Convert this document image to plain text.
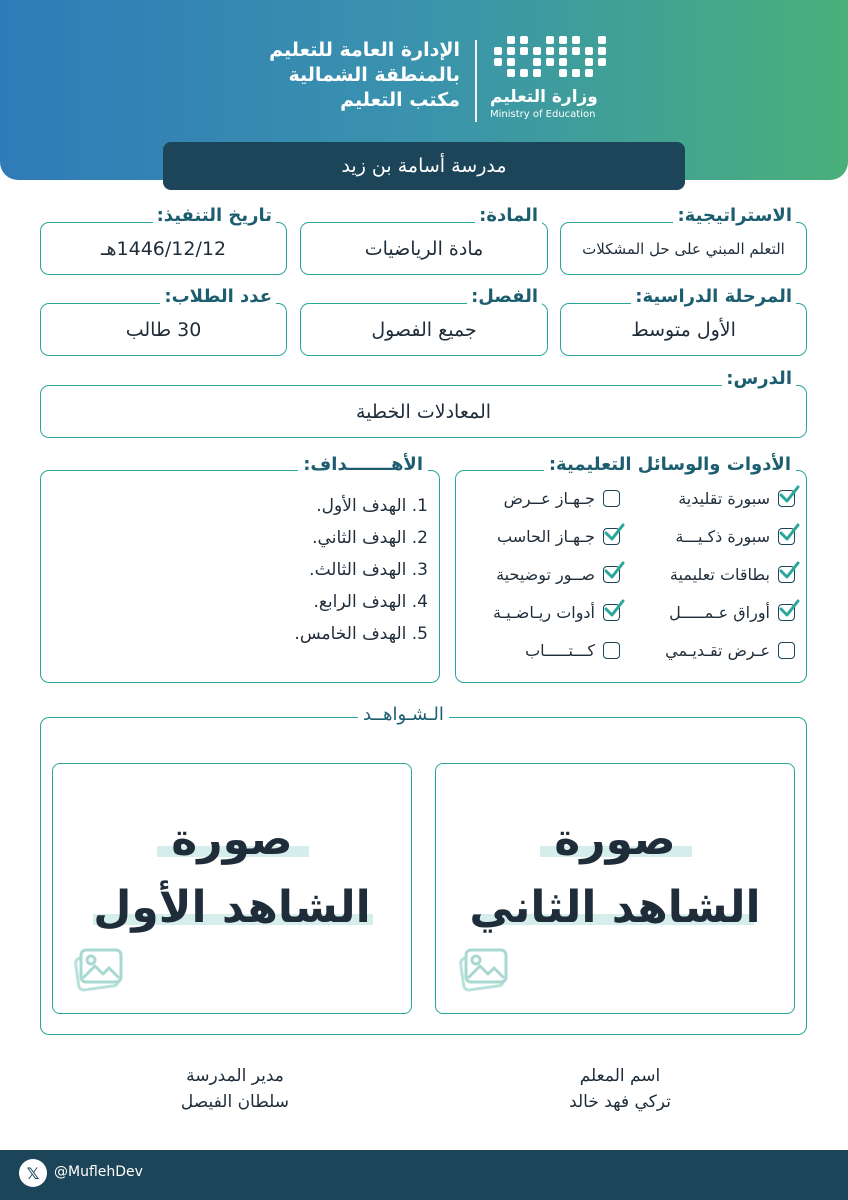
الإدارة العامة للتعليم
بالمنطقة الشمالية
مكتب التعليم وزارة التعليم
Ministry of Education
مدرسة أسامة بن زيد
التعلم المبني على حل المشكلات
الاستراتيجية:
مادة الرياضيات
المادة:
1446/12/12هـ
تاريخ التنفيذ:
الأول متوسط
المرحلة الدراسية:
جميع الفصول
الفصل:
30 طالب
عدد الطلاب:
المعادلات الخطية
الدرس:
الأدوات والوسائل التعليمية:
سبورة تقليدية
جـهـاز عــرض
سبورة ذكـيـــة
جـهـاز الحاسب
بطاقات تعليمية
صــور توضيحية
أوراق عـمـــــل
أدوات ريـاضـيـة
عـرض تقـديـمي
كـــتـــــاب
الأهـــــــداف:
1. الهدف الأول.
2. الهدف الثاني.
3. الهدف الثالث.
4. الهدف الرابع.
5. الهدف الخامس.
الـشـواهــد
صورة
الشاهد الثاني
صورة
الشاهد الأول
اسم المعلم
تركي فهد خالد
مدير المدرسة
سلطان الفيصل
𝕏	@MuflehDev
